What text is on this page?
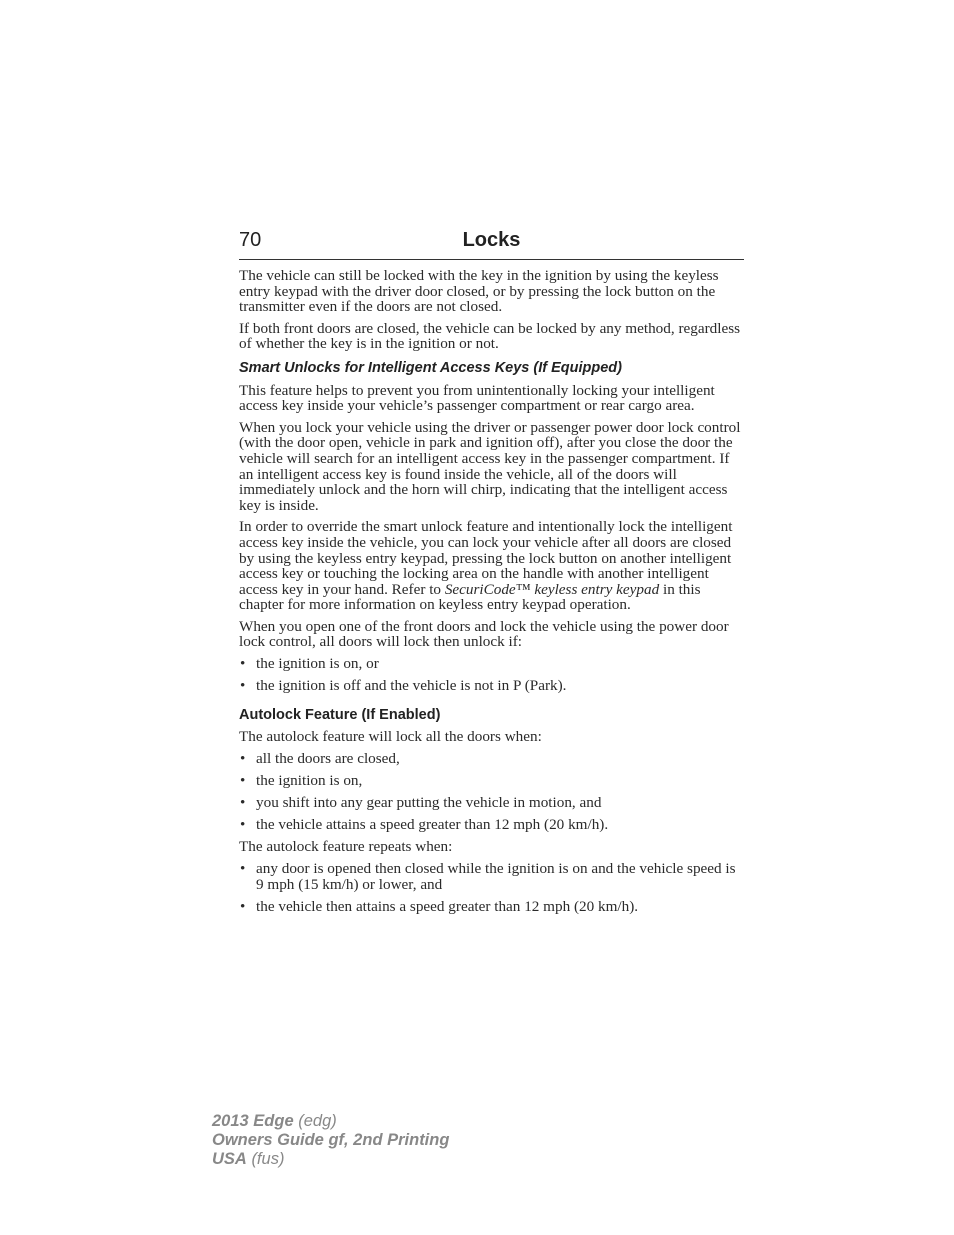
70	Locks

The vehicle can still be locked with the key in the ignition by using the keyless entry keypad with the driver door closed, or by pressing the lock button on the transmitter even if the doors are not closed.

If both front doors are closed, the vehicle can be locked by any method, regardless of whether the key is in the ignition or not.

Smart Unlocks for Intelligent Access Keys (If Equipped)

This feature helps to prevent you from unintentionally locking your intelligent access key inside your vehicle’s passenger compartment or rear cargo area.

When you lock your vehicle using the driver or passenger power door lock control (with the door open, vehicle in park and ignition off), after you close the door the vehicle will search for an intelligent access key in the passenger compartment. If an intelligent access key is found inside the vehicle, all of the doors will immediately unlock and the horn will chirp, indicating that the intelligent access key is inside.

In order to override the smart unlock feature and intentionally lock the intelligent access key inside the vehicle, you can lock your vehicle after all doors are closed by using the keyless entry keypad, pressing the lock button on another intelligent access key or touching the locking area on the handle with another intelligent access key in your hand. Refer to SecuriCode™ keyless entry keypad in this chapter for more information on keyless entry keypad operation.

When you open one of the front doors and lock the vehicle using the power door lock control, all doors will lock then unlock if:

• the ignition is on, or
• the ignition is off and the vehicle is not in P (Park).
Autolock Feature (If Enabled)

The autolock feature will lock all the doors when:

• all the doors are closed,
• the ignition is on,
• you shift into any gear putting the vehicle in motion, and
• the vehicle attains a speed greater than 12 mph (20 km/h).

The autolock feature repeats when:

• any door is opened then closed while the ignition is on and the vehicle speed is 9 mph (15 km/h) or lower, and
• the vehicle then attains a speed greater than 12 mph (20 km/h).
2013 Edge (edg)
Owners Guide gf, 2nd Printing
USA (fus)
